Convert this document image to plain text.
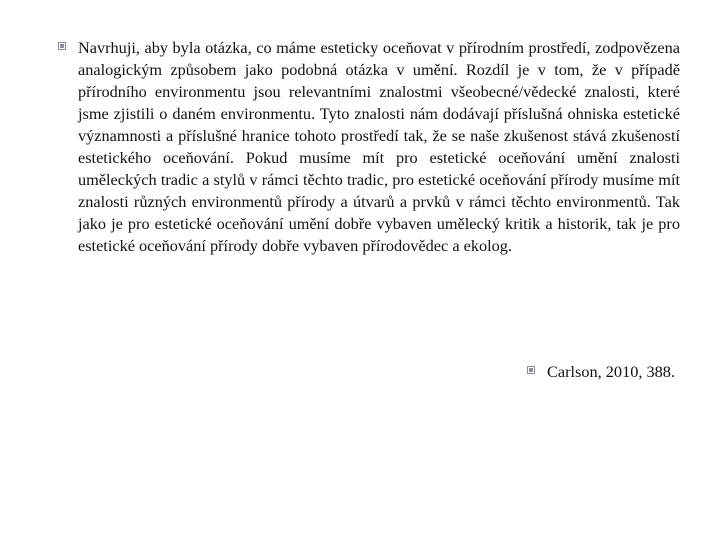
Navrhuji, aby byla otázka, co máme esteticky oceňovat v přírodním prostředí, zodpovězena analogickým způsobem jako podobná otázka v umění. Rozdíl je v tom, že v případě přírodního environmentu jsou relevantními znalostmi všeobecné/vědecké znalosti, které jsme zjistili o daném environmentu. Tyto znalosti nám dodávají příslušná ohniska estetické významnosti a příslušné hranice tohoto prostředí tak, že se naše zkušenost stává zkušeností estetického oceňování. Pokud musíme mít pro estetické oceňování umění znalosti uměleckých tradic a stylů v rámci těchto tradic, pro estetické oceňování přírody musíme mít znalosti různých environmentů přírody a útvarů a prvků v rámci těchto environmentů. Tak jako je pro estetické oceňování umění dobře vybaven umělecký kritik a historik, tak je pro estetické oceňování přírody dobře vybaven přírodovědec a ekolog.

Carlson, 2010, 388.
